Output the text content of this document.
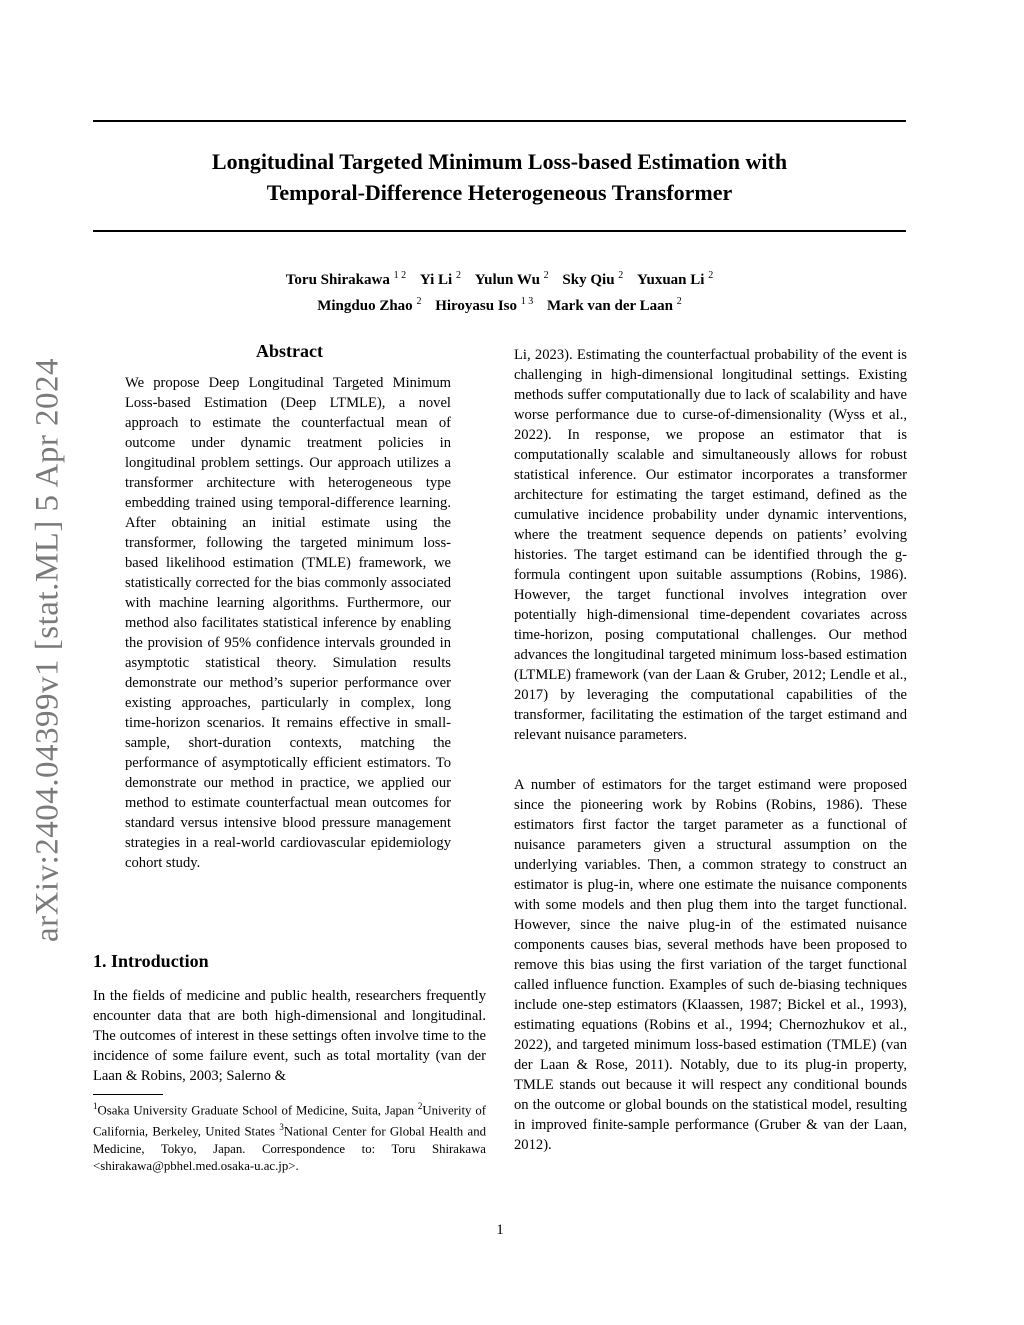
arXiv:2404.04399v1 [stat.ML] 5 Apr 2024
Longitudinal Targeted Minimum Loss-based Estimation with
Temporal-Difference Heterogeneous Transformer
Toru Shirakawa $^{1 2}$ Yi Li $^2$ Yulun Wu $^2$ Sky Qiu $^2$ Yuxuan Li $^2$
Mingduo Zhao $^2$ Hiroyasu Iso $^{1 3}$ Mark van der Laan $^2$
Abstract

We propose Deep Longitudinal Targeted Minimum Loss-based Estimation (Deep LTMLE), a novel approach to estimate the counterfactual mean of outcome under dynamic treatment policies in longitudinal problem settings. Our approach utilizes a transformer architecture with heterogeneous type embedding trained using temporal-difference learning. After obtaining an initial estimate using the transformer, following the targeted minimum loss-based likelihood estimation (TMLE) framework, we statistically corrected for the bias commonly associated with machine learning algorithms. Furthermore, our method also facilitates statistical inference by enabling the provision of 95% confidence intervals grounded in asymptotic statistical theory. Simulation results demonstrate our method’s superior performance over existing approaches, particularly in complex, long time-horizon scenarios. It remains effective in small-sample, short-duration contexts, matching the performance of asymptotically efficient estimators. To demonstrate our method in practice, we applied our method to estimate counterfactual mean outcomes for standard versus intensive blood pressure management strategies in a real-world cardiovascular epidemiology cohort study.

1. Introduction

In the fields of medicine and public health, researchers frequently encounter data that are both high-dimensional and longitudinal. The outcomes of interest in these settings often involve time to the incidence of some failure event, such as total mortality (van der Laan & Robins, 2003; Salerno &

$^1$Osaka University Graduate School of Medicine, Suita, Japan $^2$Univerity of California, Berkeley, United States $^3$National Center for Global Health and Medicine, Tokyo, Japan. Correspondence to: Toru Shirakawa <shirakawa@pbhel.med.osaka-u.ac.jp>.

Li, 2023). Estimating the counterfactual probability of the event is challenging in high-dimensional longitudinal settings. Existing methods suffer computationally due to lack of scalability and have worse performance due to curse-of-dimensionality (Wyss et al., 2022). In response, we propose an estimator that is computationally scalable and simultaneously allows for robust statistical inference. Our estimator incorporates a transformer architecture for estimating the target estimand, defined as the cumulative incidence probability under dynamic interventions, where the treatment sequence depends on patients’ evolving histories. The target estimand can be identified through the g-formula contingent upon suitable assumptions (Robins, 1986). However, the target functional involves integration over potentially high-dimensional time-dependent covariates across time-horizon, posing computational challenges. Our method advances the longitudinal targeted minimum loss-based estimation (LTMLE) framework (van der Laan & Gruber, 2012; Lendle et al., 2017) by leveraging the computational capabilities of the transformer, facilitating the estimation of the target estimand and relevant nuisance parameters.

A number of estimators for the target estimand were proposed since the pioneering work by Robins (Robins, 1986). These estimators first factor the target parameter as a functional of nuisance parameters given a structural assumption on the underlying variables. Then, a common strategy to construct an estimator is plug-in, where one estimate the nuisance components with some models and then plug them into the target functional. However, since the naive plug-in of the estimated nuisance components causes bias, several methods have been proposed to remove this bias using the first variation of the target functional called influence function. Examples of such de-biasing techniques include one-step estimators (Klaassen, 1987; Bickel et al., 1993), estimating equations (Robins et al., 1994; Chernozhukov et al., 2022), and targeted minimum loss-based estimation (TMLE) (van der Laan & Rose, 2011). Notably, due to its plug-in property, TMLE stands out because it will respect any conditional bounds on the outcome or global bounds on the statistical model, resulting in improved finite-sample performance (Gruber & van der Laan, 2012).

1
